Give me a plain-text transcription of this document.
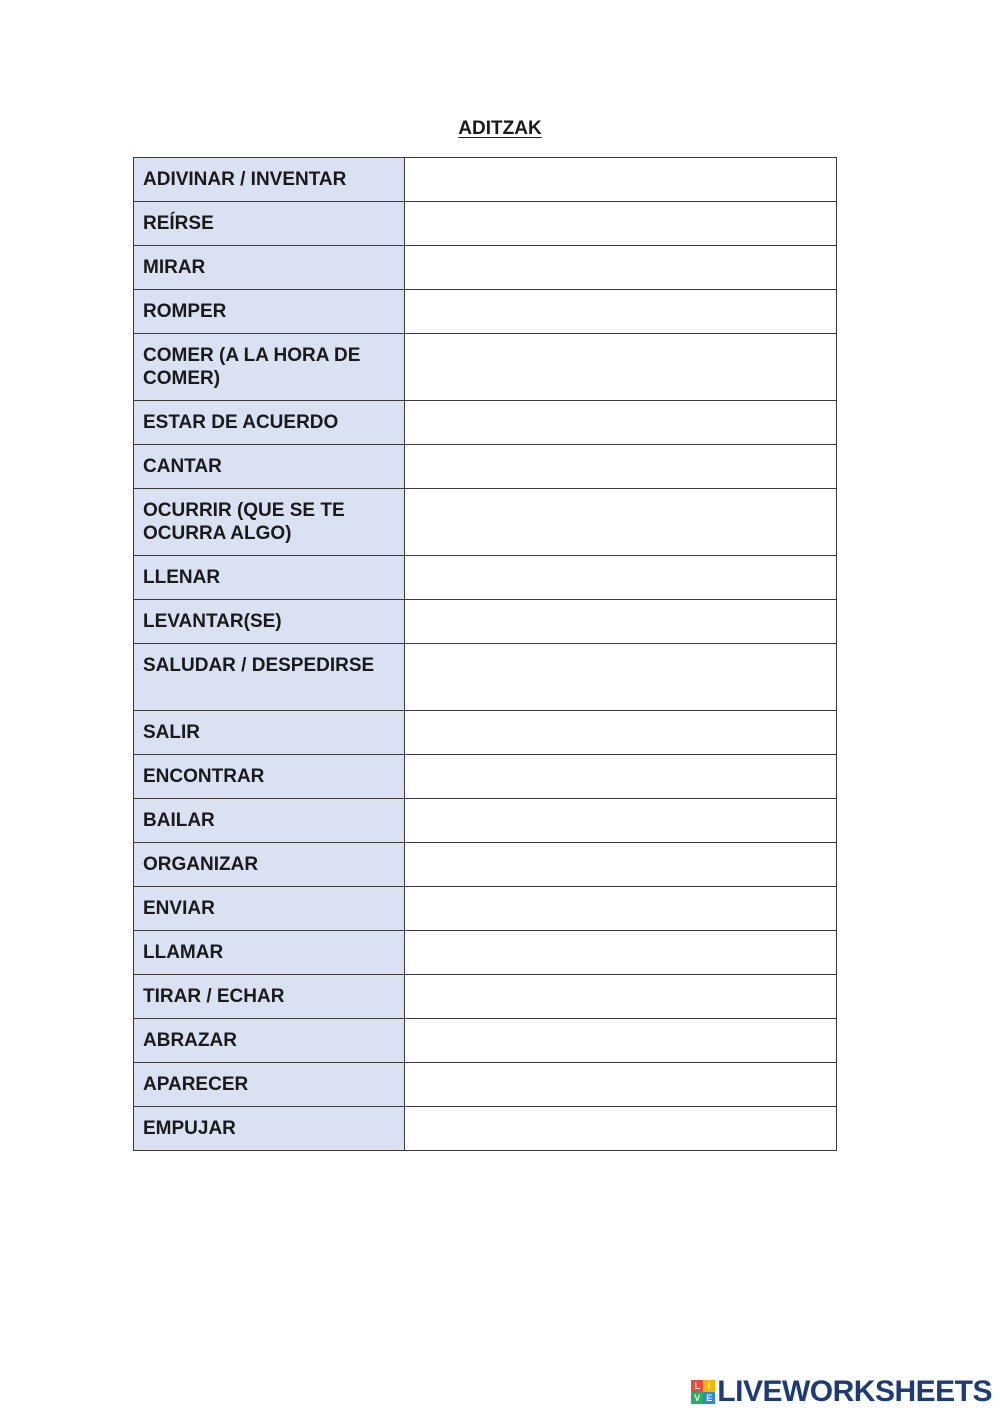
ADITZAK
ADIVINAR / INVENTAR	
REÍRSE	
MIRAR	
ROMPER	
COMER (A LA HORA DE COMER)	
ESTAR DE ACUERDO	
CANTAR	
OCURRIR (QUE SE TE OCURRA ALGO)	
LLENAR	
LEVANTAR(SE)	
SALUDAR / DESPEDIRSE	
SALIR	
ENCONTRAR	
BAILAR	
ORGANIZAR	
ENVIAR	
LLAMAR	
TIRAR / ECHAR	
ABRAZAR	
APARECER	
EMPUJAR	
L I
V E LIVEWORKSHEETS
